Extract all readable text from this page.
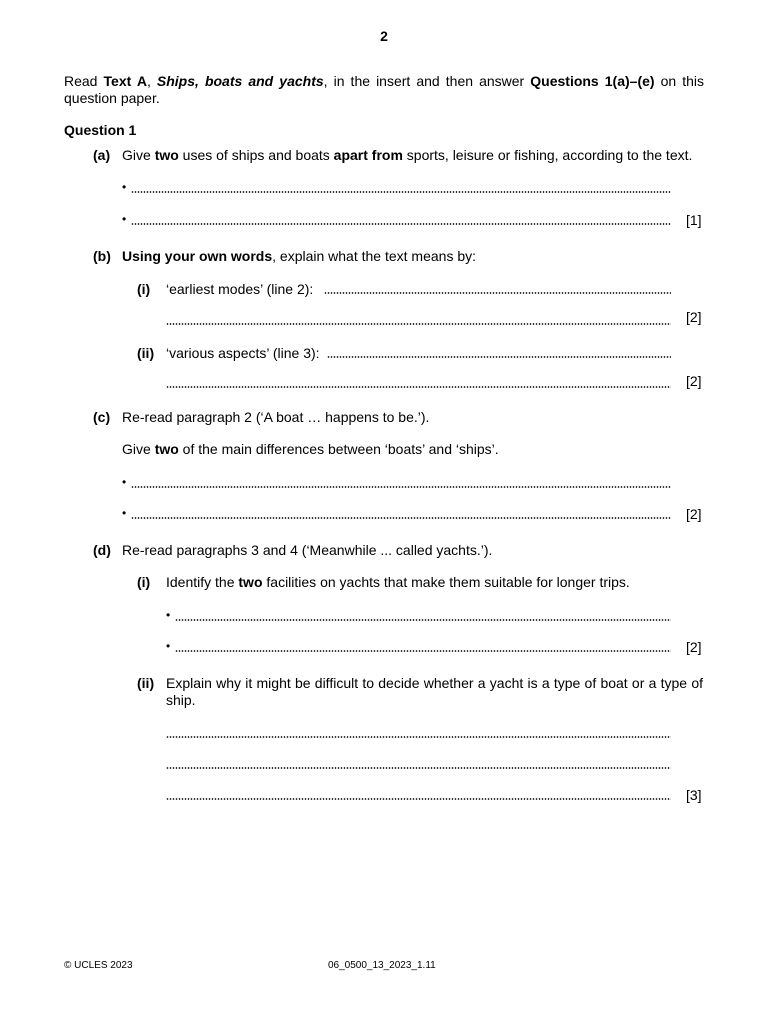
2
Read Text A, Ships, boats and yachts, in the insert and then answer Questions 1(a)–(e) on this question paper.
Question 1
(a) Give two uses of ships and boats apart from sports, leisure or fishing, according to the text.
•
•	[1]
(b) Using your own words, explain what the text means by:
(i) ‘earliest modes’ (line 2):
[2]
(ii) ‘various aspects’ (line 3):
[2]
(c) Re-read paragraph 2 (‘A boat … happens to be.’).
Give two of the main differences between ‘boats’ and ‘ships’.
•
•	[2]
(d) Re-read paragraphs 3 and 4 (‘Meanwhile ... called yachts.’).
(i) Identify the two facilities on yachts that make them suitable for longer trips.
•
•	[2]
(ii) Explain why it might be difficult to decide whether a yacht is a type of boat or a type of ship.
[3]
© UCLES 2023	06_0500_13_2023_1.11
